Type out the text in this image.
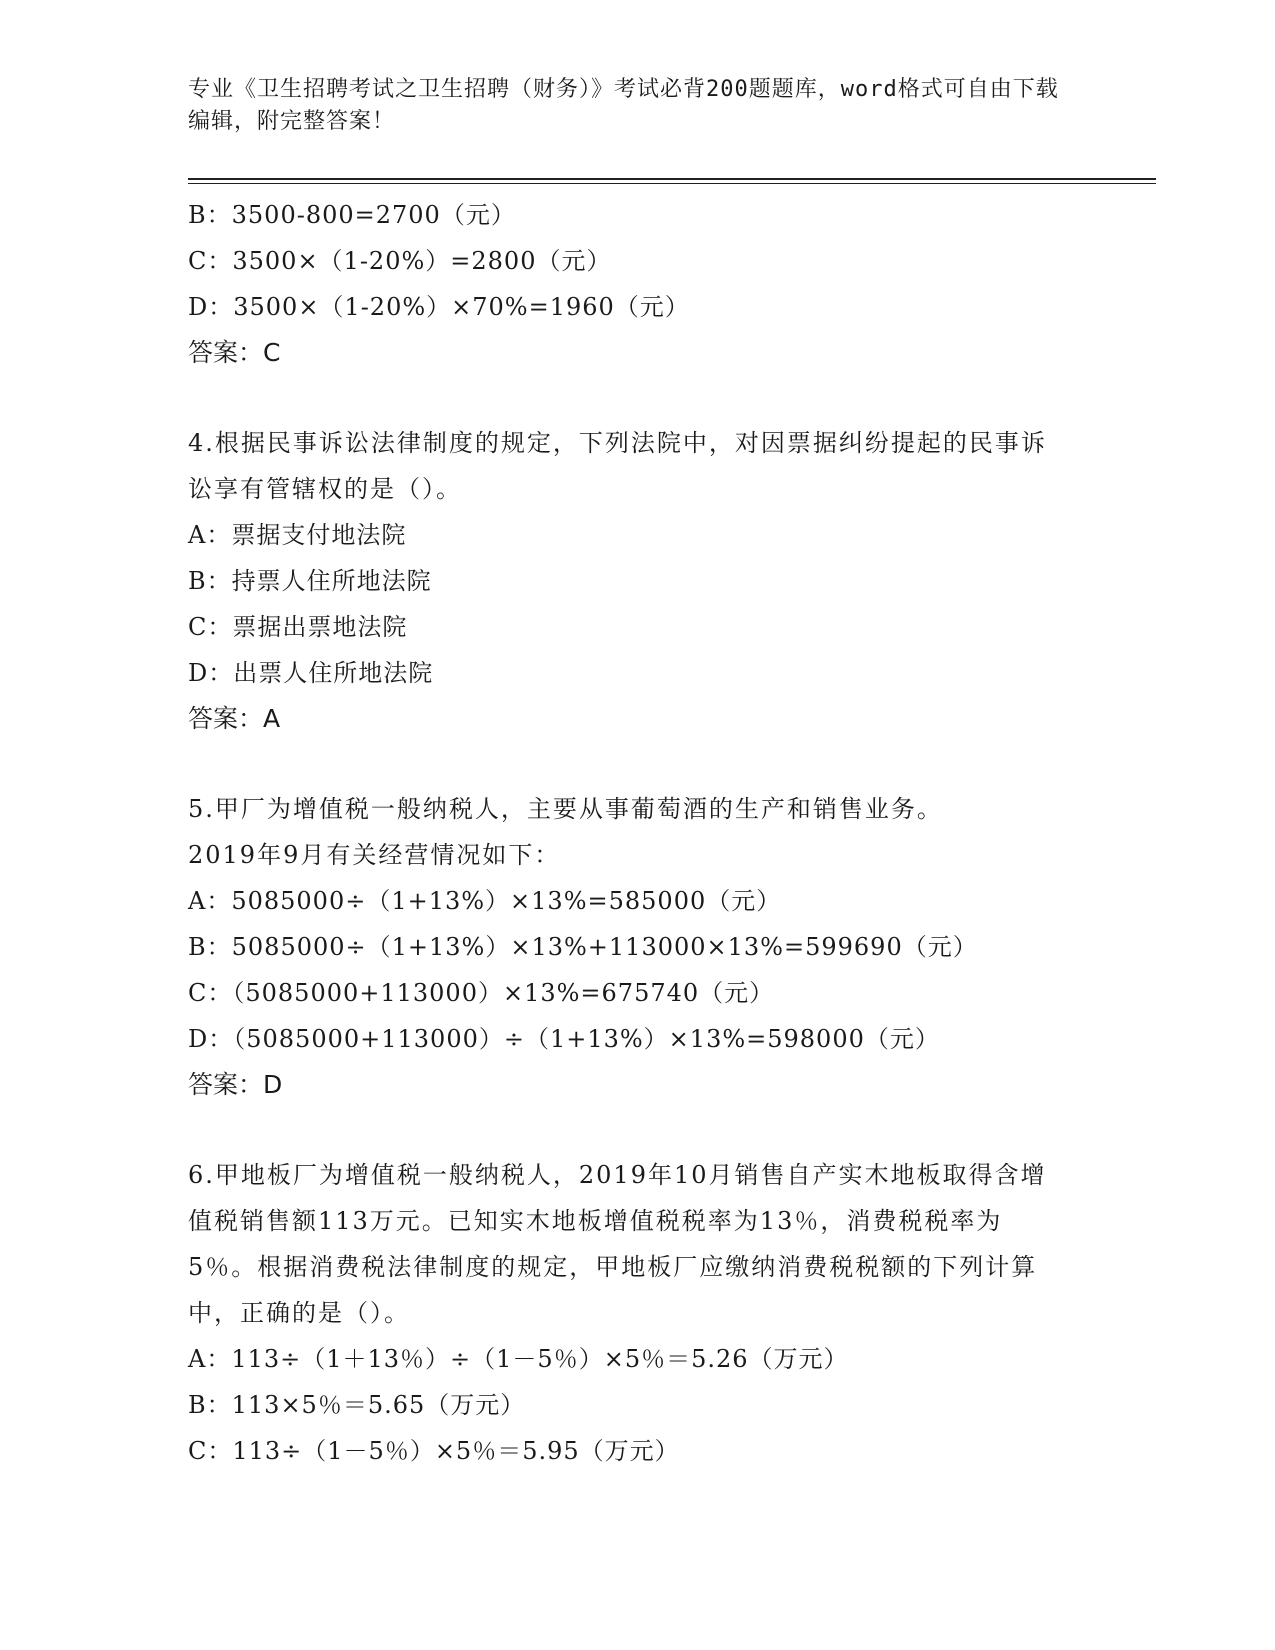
专业《卫生招聘考试之卫生招聘（财务）》考试必背200题题库，word格式可自由下载编辑，附完整答案！
B：3500-800=2700（元）
C：3500×（1-20%）=2800（元）
D：3500×（1-20%）×70%=1960（元）
答案：C
4.根据民事诉讼法律制度的规定，下列法院中，对因票据纠纷提起的民事诉讼享有管辖权的是（）。
A：票据支付地法院
B：持票人住所地法院
C：票据出票地法院
D：出票人住所地法院
答案：A
5.甲厂为增值税一般纳税人，主要从事葡萄酒的生产和销售业务。2019年9月有关经营情况如下：
A：5085000÷（1+13%）×13%=585000（元）
B：5085000÷（1+13%）×13%+113000×13%=599690（元）
C：（5085000+113000）×13%=675740（元）
D：（5085000+113000）÷（1+13%）×13%=598000（元）
答案：D
6.甲地板厂为增值税一般纳税人，2019年10月销售自产实木地板取得含增值税销售额113万元。已知实木地板增值税税率为13％，消费税税率为5％。根据消费税法律制度的规定，甲地板厂应缴纳消费税税额的下列计算中，正确的是（）。
A：113÷（1＋13％）÷（1－5％）×5％＝5.26（万元）
B：113×5％＝5.65（万元）
C：113÷（1－5％）×5％＝5.95（万元）
